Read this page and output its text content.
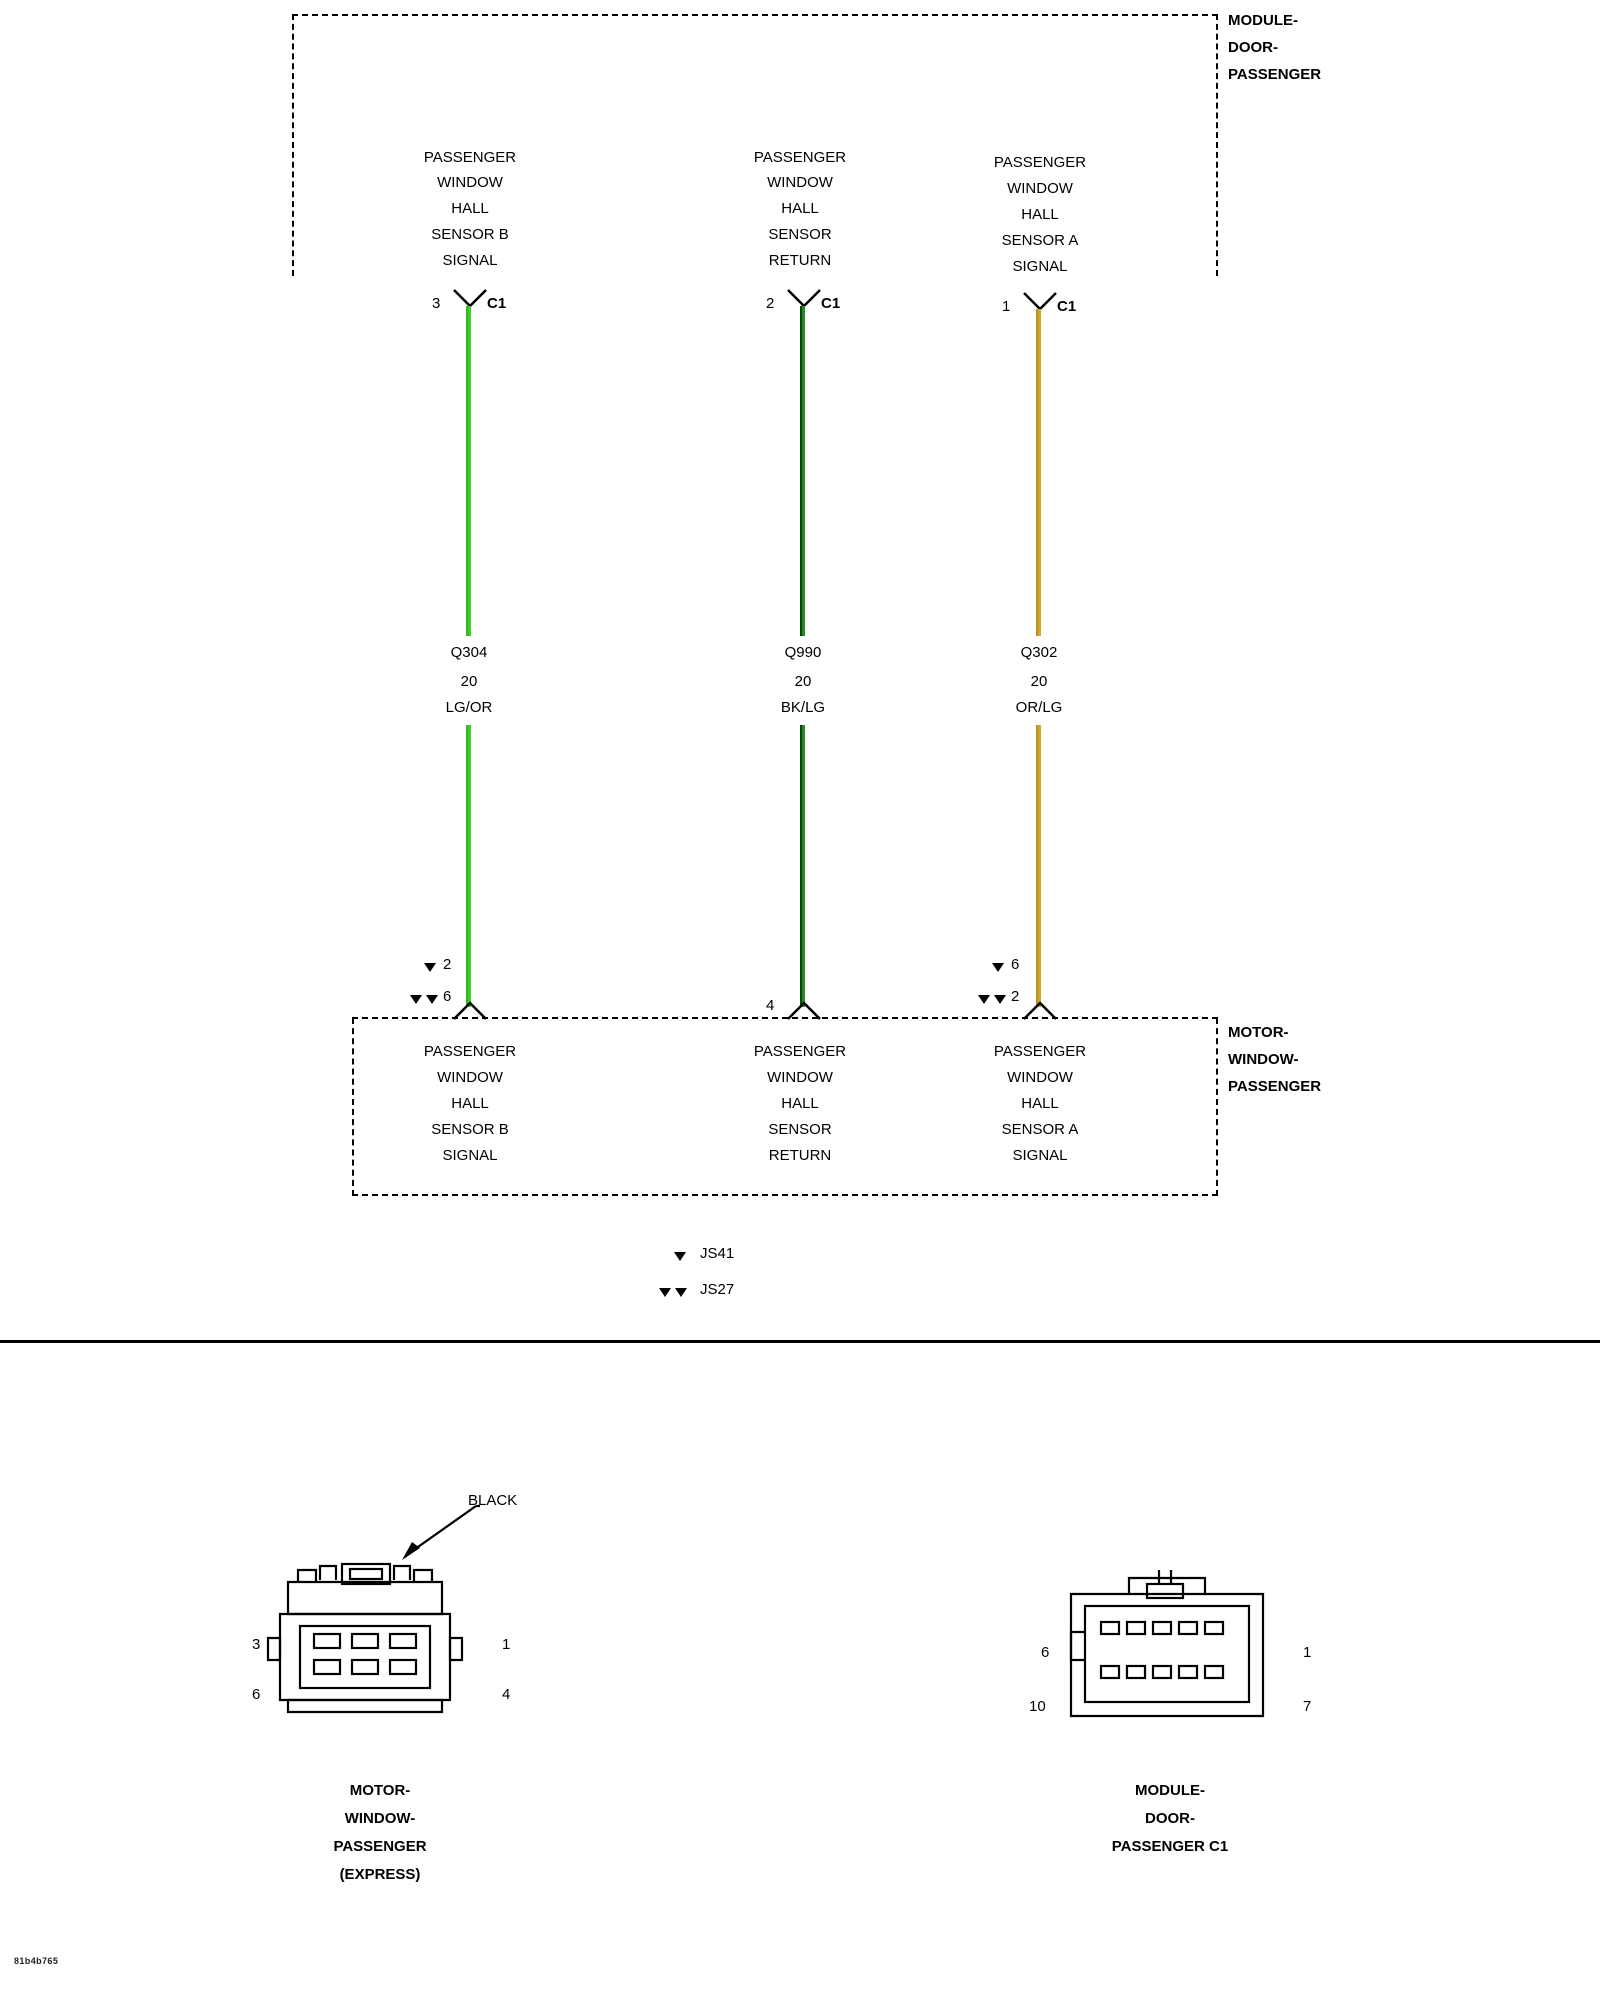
MODULE-
DOOR-
PASSENGER
PASSENGER
WINDOW
HALL
SENSOR B
SIGNAL
PASSENGER
WINDOW
HALL
SENSOR
RETURN
PASSENGER
WINDOW
HALL
SENSOR A
SIGNAL
3	C1	2	C1	1	C1
Q304
20
LG/OR
Q990
20
BK/LG
Q302
20
OR/LG
2
6
6
2
4
MOTOR-
WINDOW-
PASSENGER
PASSENGER
WINDOW
HALL
SENSOR B
SIGNAL
PASSENGER
WINDOW
HALL
SENSOR
RETURN
PASSENGER
WINDOW
HALL
SENSOR A
SIGNAL
JS41
JS27
BLACK
3
6
1
4
MOTOR-
WINDOW-
PASSENGER
(EXPRESS)
6
10
1
7
MODULE-
DOOR-
PASSENGER C1
81b4b765
